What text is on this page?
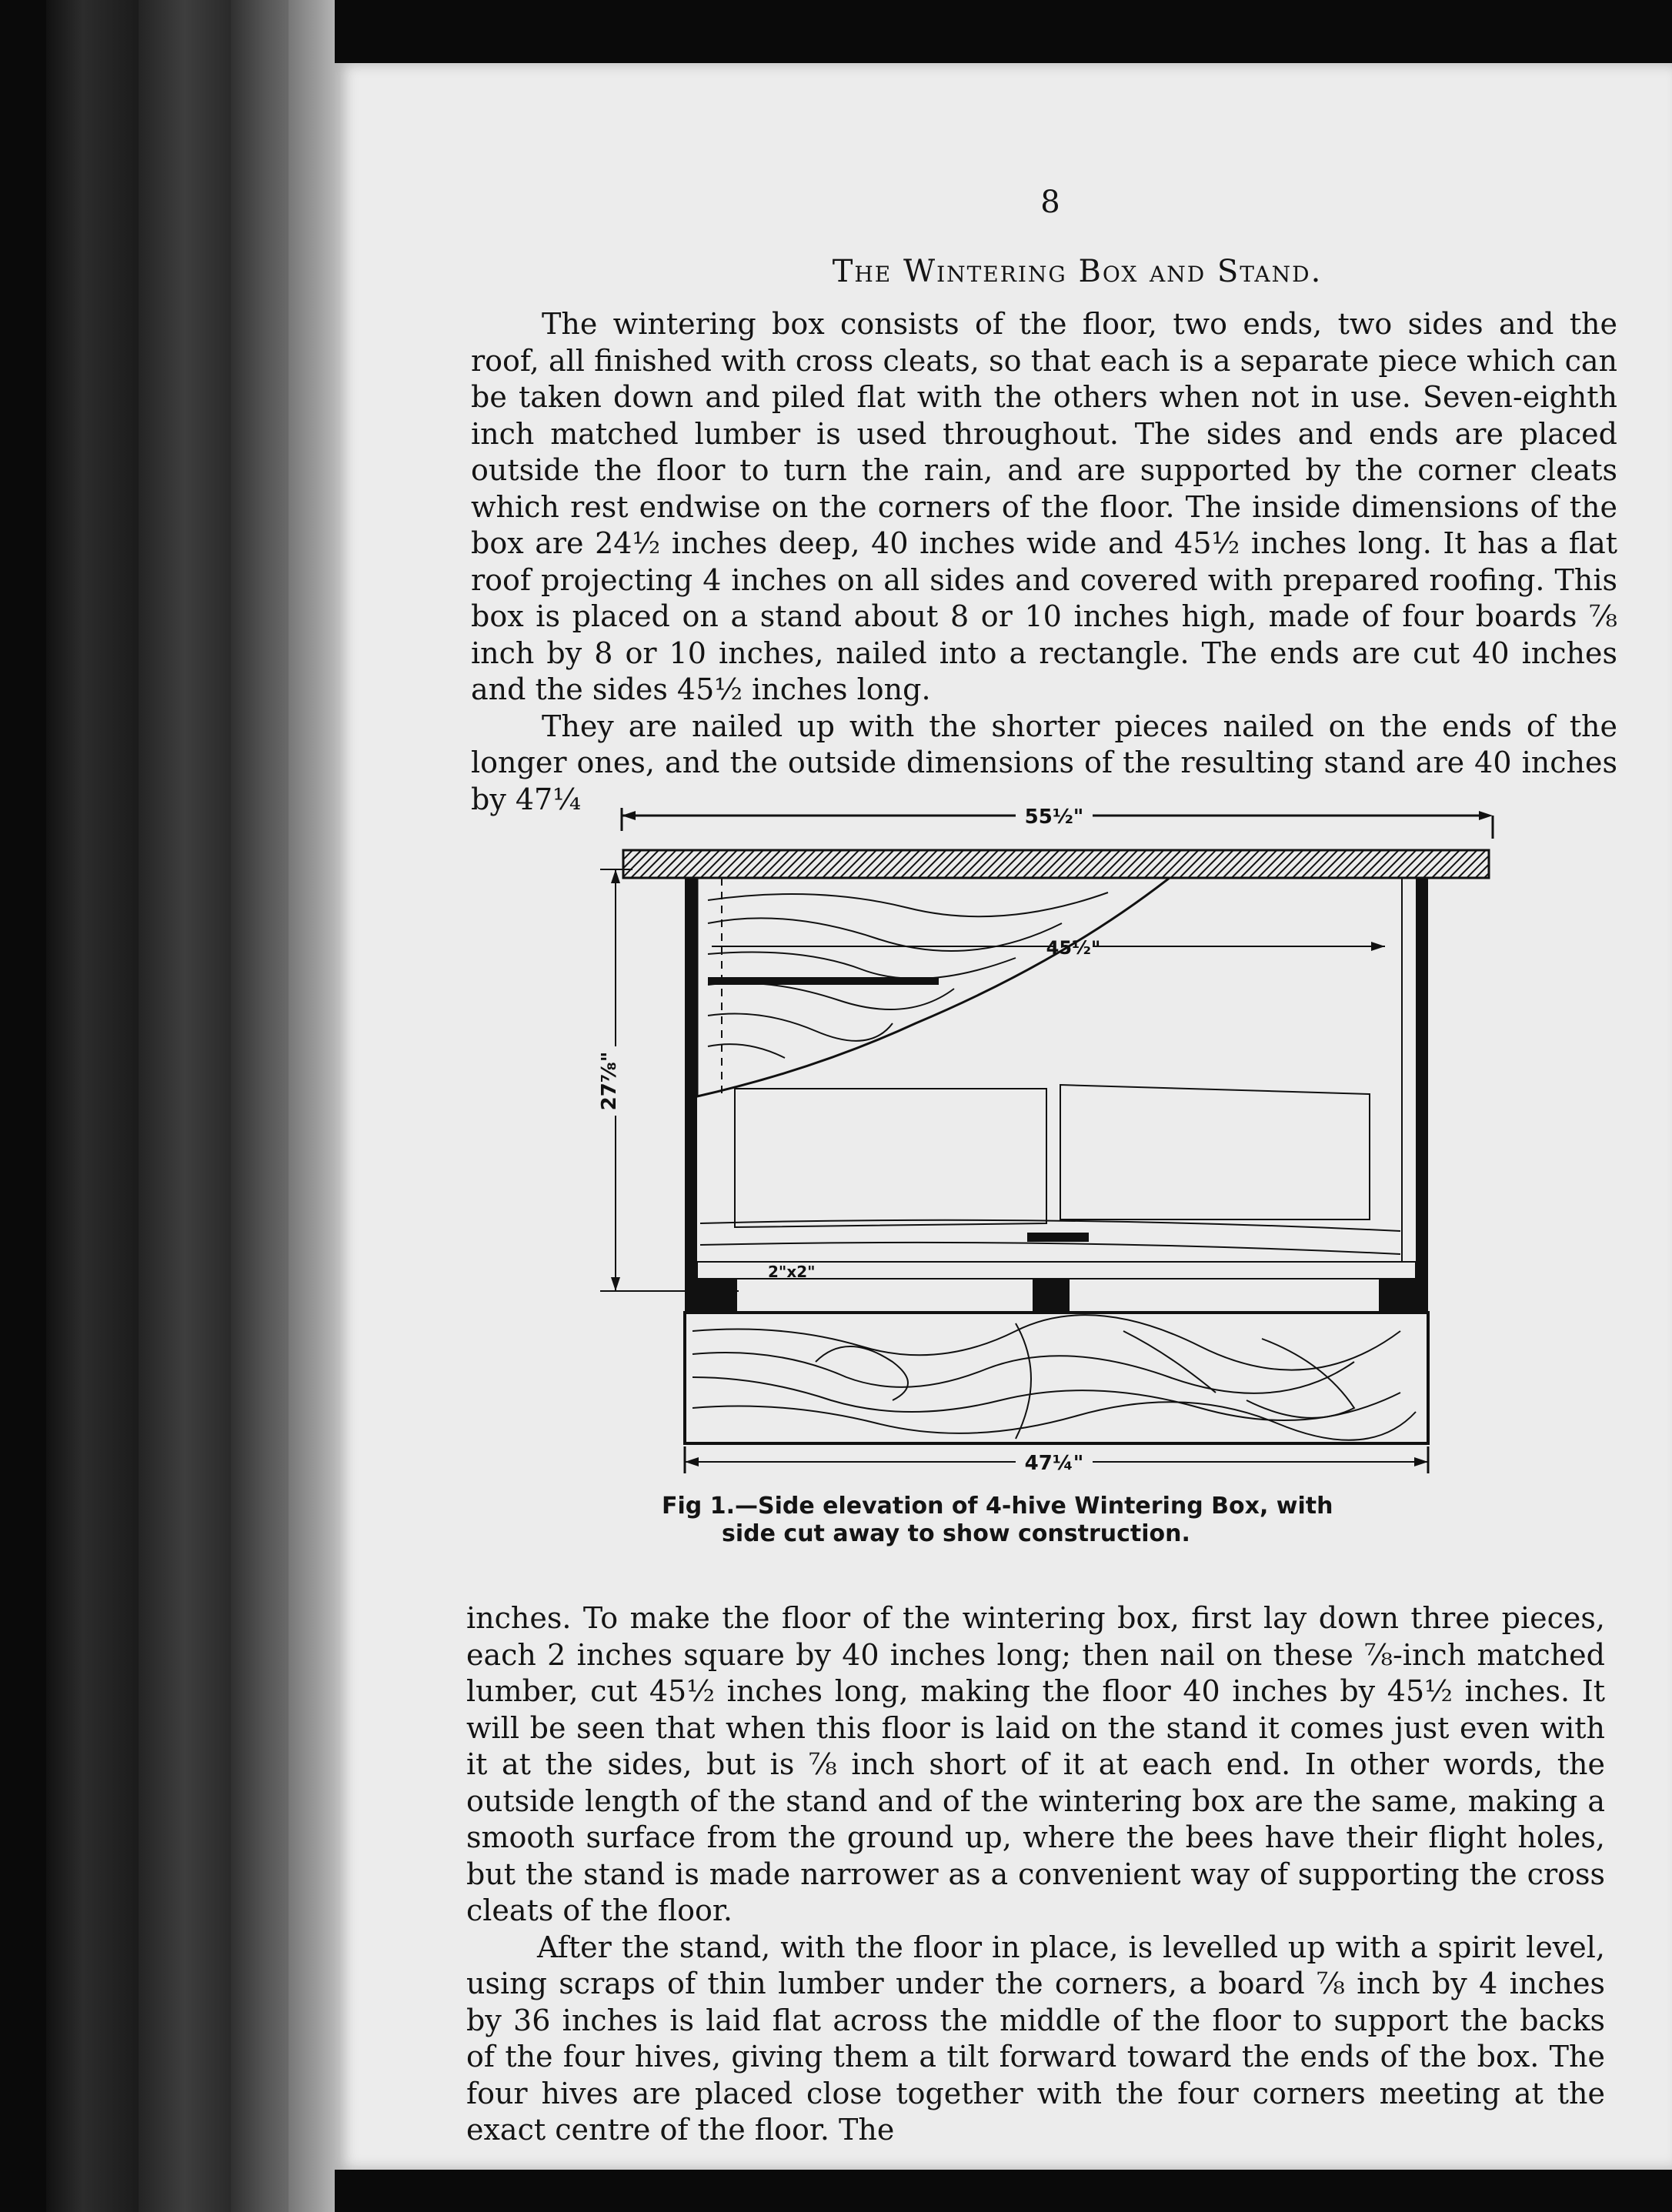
8
The Wintering Box and Stand.

The wintering box consists of the floor, two ends, two sides and the roof, all finished with cross cleats, so that each is a separate piece which can be taken down and piled flat with the others when not in use. Seven-eighth inch matched lumber is used throughout. The sides and ends are placed outside the floor to turn the rain, and are supported by the corner cleats which rest endwise on the corners of the floor. The inside dimensions of the box are 24½ inches deep, 40 inches wide and 45½ inches long. It has a flat roof projecting 4 inches on all sides and covered with prepared roofing. This box is placed on a stand about 8 or 10 inches high, made of four boards ⅞ inch by 8 or 10 inches, nailed into a rectangle. The ends are cut 40 inches and the sides 45½ inches long.

They are nailed up with the shorter pieces nailed on the ends of the longer ones, and the outside dimensions of the resulting stand are 40 inches by 47¼

55½"
27⅞"
45½"
2"x2"
47¼"
Fig 1.—Side elevation of 4-hive Wintering Box, with
side cut away to show construction.

inches. To make the floor of the wintering box, first lay down three pieces, each 2 inches square by 40 inches long; then nail on these ⅞-inch matched lumber, cut 45½ inches long, making the floor 40 inches by 45½ inches. It will be seen that when this floor is laid on the stand it comes just even with it at the sides, but is ⅞ inch short of it at each end. In other words, the outside length of the stand and of the wintering box are the same, making a smooth surface from the ground up, where the bees have their flight holes, but the stand is made narrower as a convenient way of supporting the cross cleats of the floor.

After the stand, with the floor in place, is levelled up with a spirit level, using scraps of thin lumber under the corners, a board ⅞ inch by 4 inches by 36 inches is laid flat across the middle of the floor to support the backs of the four hives, giving them a tilt forward toward the ends of the box. The four hives are placed close together with the four corners meeting at the exact centre of the floor. The
